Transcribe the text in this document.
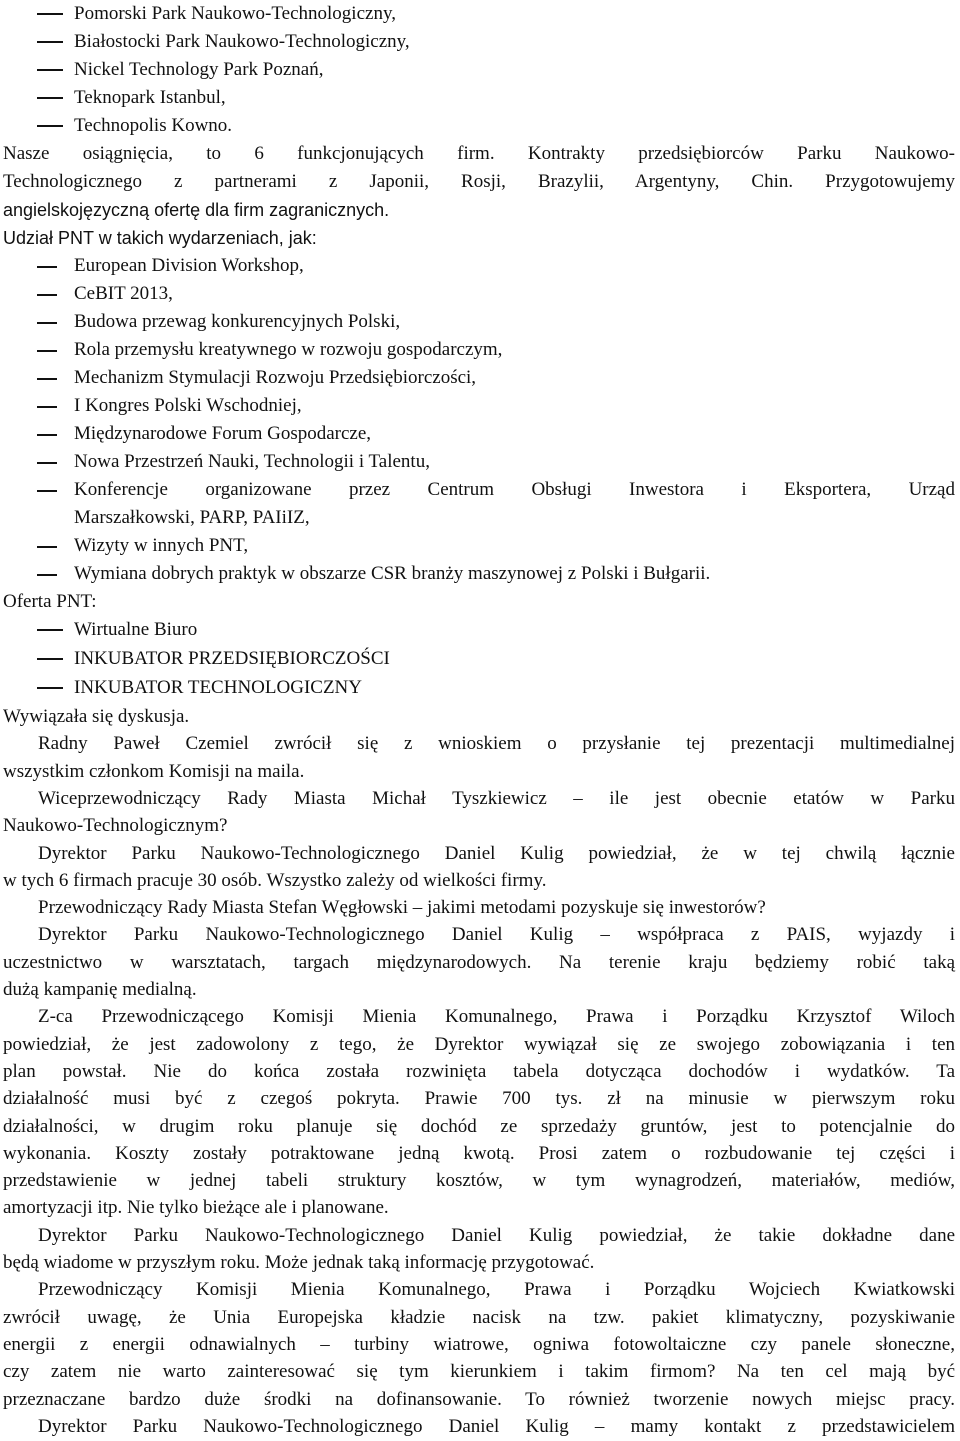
Pomorski Park Naukowo-Technologiczny,
Białostocki Park Naukowo-Technologiczny,
Nickel Technology Park Poznań,
Teknopark Istanbul,
Technopolis Kowno.
Nasze osiągnięcia, to 6 funkcjonujących firm. Kontrakty przedsiębiorców Parku Naukowo-
Technologicznego z partnerami z Japonii, Rosji, Brazylii, Argentyny, Chin. Przygotowujemy
angielskojęzyczną ofertę dla firm zagranicznych.
Udział PNT w takich wydarzeniach, jak:
European Division Workshop,
CeBIT 2013,
Budowa przewag konkurencyjnych Polski,
Rola przemysłu kreatywnego w rozwoju gospodarczym,
Mechanizm Stymulacji Rozwoju Przedsiębiorczości,
I Kongres Polski Wschodniej,
Międzynarodowe Forum Gospodarcze,
Nowa Przestrzeń Nauki, Technologii i Talentu,
Konferencje organizowane przez Centrum Obsługi Inwestora i Eksportera, Urząd
Marszałkowski, PARP, PAIiIZ,
Wizyty w innych PNT,
Wymiana dobrych praktyk w obszarze CSR branży maszynowej z Polski i Bułgarii.
Oferta PNT:
Wirtualne Biuro
INKUBATOR PRZEDSIĘBIORCZOŚCI
INKUBATOR TECHNOLOGICZNY
Wywiązała się dyskusja.
Radny Paweł Czemiel zwrócił się z wnioskiem o przysłanie tej prezentacji multimedialnej
wszystkim członkom Komisji na maila.
Wiceprzewodniczący Rady Miasta Michał Tyszkiewicz – ile jest obecnie etatów w Parku
Naukowo-Technologicznym?
Dyrektor Parku Naukowo-Technologicznego Daniel Kulig powiedział, że w tej chwilą łącznie
w tych 6 firmach pracuje 30 osób. Wszystko zależy od wielkości firmy.
Przewodniczący Rady Miasta Stefan Węgłowski – jakimi metodami pozyskuje się inwestorów?
Dyrektor Parku Naukowo-Technologicznego Daniel Kulig – współpraca z PAIS, wyjazdy i
uczestnictwo w warsztatach, targach międzynarodowych. Na terenie kraju będziemy robić taką
dużą kampanię medialną.
Z-ca Przewodniczącego Komisji Mienia Komunalnego, Prawa i Porządku Krzysztof Wiloch
powiedział, że jest zadowolony z tego, że Dyrektor wywiązał się ze swojego zobowiązania i ten
plan powstał. Nie do końca została rozwinięta tabela dotycząca dochodów i wydatków. Ta
działalność musi być z czegoś pokryta. Prawie 700 tys. zł na minusie w pierwszym roku
działalności, w drugim roku planuje się dochód ze sprzedaży gruntów, jest to potencjalnie do
wykonania. Koszty zostały potraktowane jedną kwotą. Prosi zatem o rozbudowanie tej części i
przedstawienie w jednej tabeli struktury kosztów, w tym wynagrodzeń, materiałów, mediów,
amortyzacji itp. Nie tylko bieżące ale i planowane.
Dyrektor Parku Naukowo-Technologicznego Daniel Kulig powiedział, że takie dokładne dane
będą wiadome w przyszłym roku. Może jednak taką informację przygotować.
Przewodniczący Komisji Mienia Komunalnego, Prawa i Porządku Wojciech Kwiatkowski
zwrócił uwagę, że Unia Europejska kładzie nacisk na tzw. pakiet klimatyczny, pozyskiwanie
energii z energii odnawialnych – turbiny wiatrowe, ogniwa fotowoltaiczne czy panele słoneczne,
czy zatem nie warto zainteresować się tym kierunkiem i takim firmom? Na ten cel mają być
przeznaczane bardzo duże środki na dofinansowanie. To również tworzenie nowych miejsc pracy.
Dyrektor Parku Naukowo-Technologicznego Daniel Kulig – mamy kontakt z przedstawicielem
